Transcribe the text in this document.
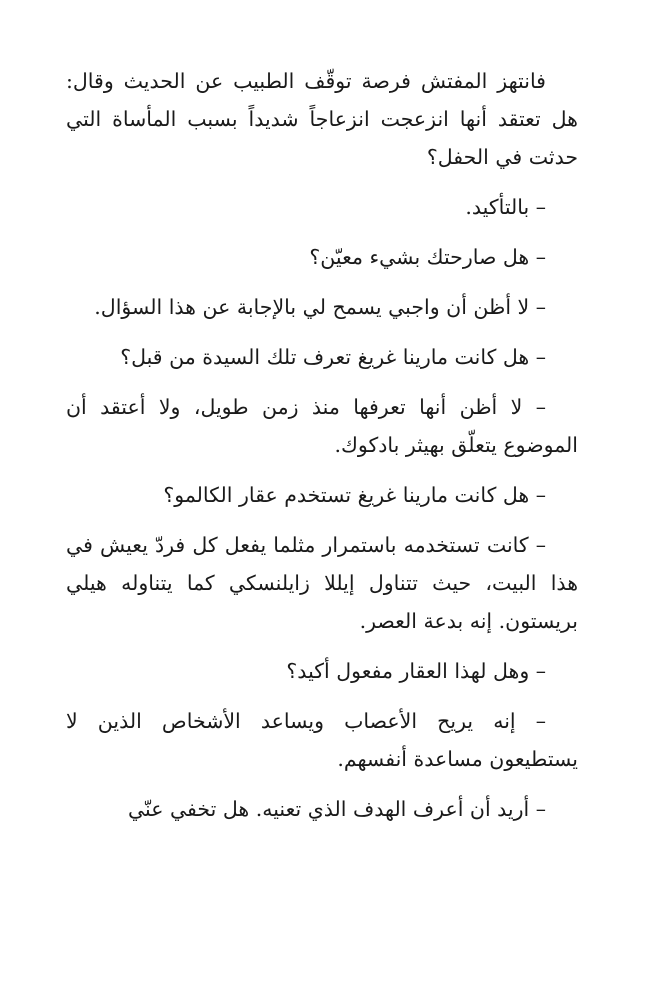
فانتهز المفتش فرصة توقّف الطبيب عن الحديث وقال: هل تعتقد أنها انزعجت انزعاجاً شديداً بسبب المأساة التي حدثت في الحفل؟

– بالتأكيد.

– هل صارحتك بشيء معيّن؟

– لا أظن أن واجبي يسمح لي بالإجابة عن هذا السؤال.

– هل كانت مارينا غريغ تعرف تلك السيدة من قبل؟

– لا أظن أنها تعرفها منذ زمن طويل، ولا أعتقد أن الموضوع يتعلّق بهيثر بادكوك.

– هل كانت مارينا غريغ تستخدم عقار الكالمو؟

– كانت تستخدمه باستمرار مثلما يفعل كل فردّ يعيش في هذا البيت، حيث تتناول إيللا زايلنسكي كما يتناوله هيلي بريستون. إنه بدعة العصر.

– وهل لهذا العقار مفعول أكيد؟

– إنه يريح الأعصاب ويساعد الأشخاص الذين لا يستطيعون مساعدة أنفسهم.

– أريد أن أعرف الهدف الذي تعنيه. هل تخفي عنّي
